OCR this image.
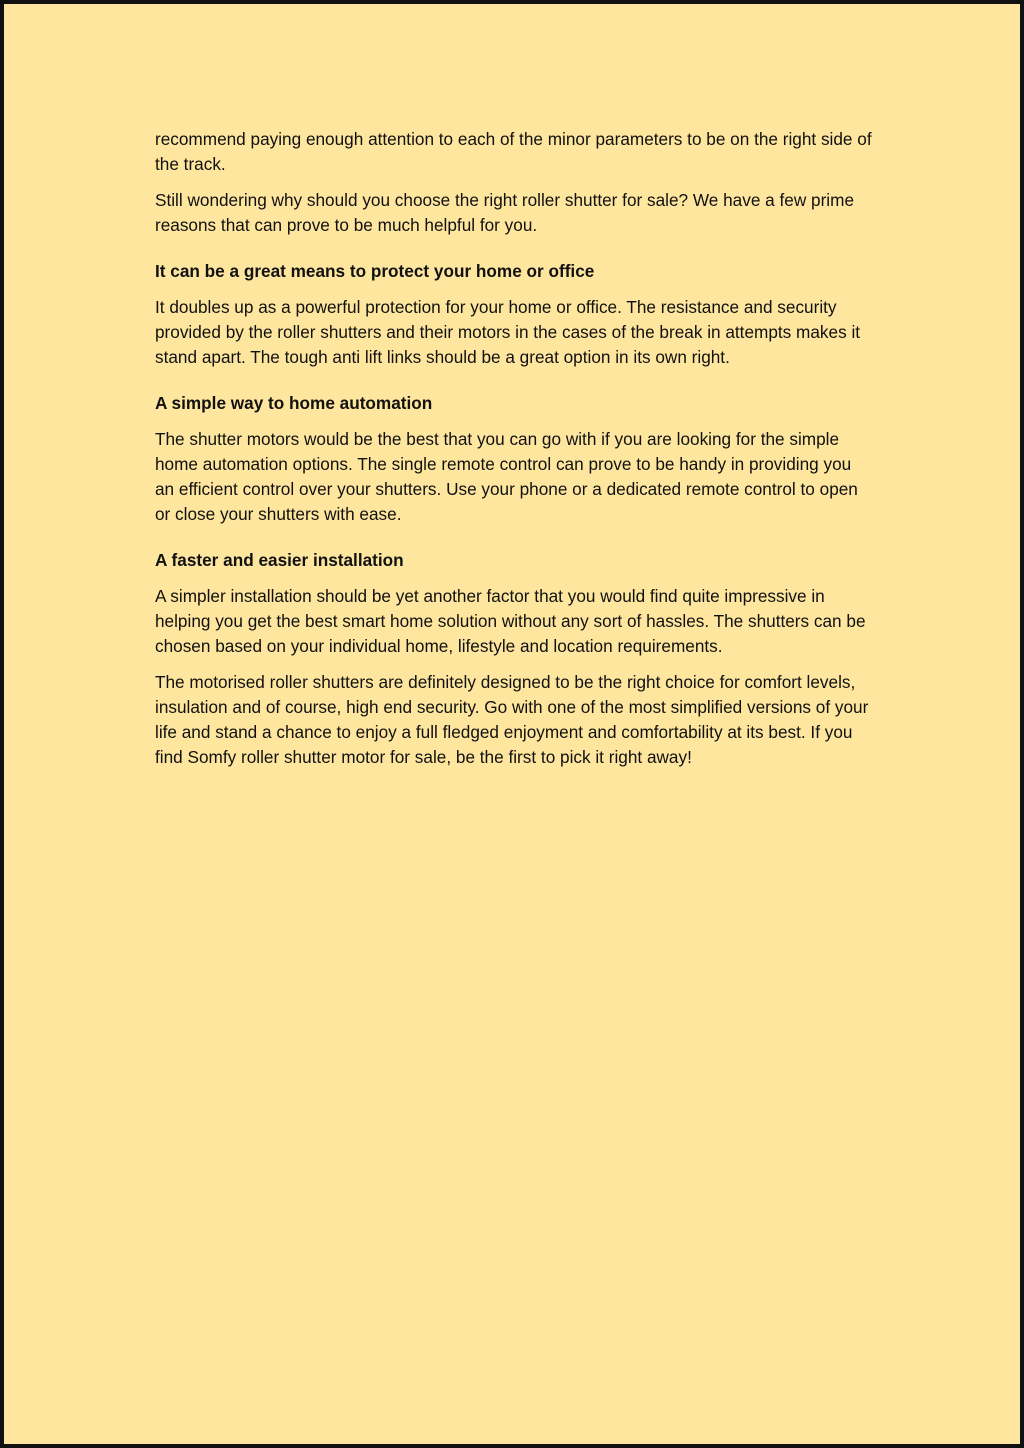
recommend paying enough attention to each of the minor parameters to be on the right side of the track.

Still wondering why should you choose the right roller shutter for sale? We have a few prime reasons that can prove to be much helpful for you.

It can be a great means to protect your home or office

It doubles up as a powerful protection for your home or office. The resistance and security provided by the roller shutters and their motors in the cases of the break in attempts makes it stand apart. The tough anti lift links should be a great option in its own right.

A simple way to home automation

The shutter motors would be the best that you can go with if you are looking for the simple home automation options. The single remote control can prove to be handy in providing you an efficient control over your shutters. Use your phone or a dedicated remote control to open or close your shutters with ease.

A faster and easier installation

A simpler installation should be yet another factor that you would find quite impressive in helping you get the best smart home solution without any sort of hassles. The shutters can be chosen based on your individual home, lifestyle and location requirements.

The motorised roller shutters are definitely designed to be the right choice for comfort levels, insulation and of course, high end security. Go with one of the most simplified versions of your life and stand a chance to enjoy a full fledged enjoyment and comfortability at its best. If you find Somfy roller shutter motor for sale, be the first to pick it right away!
